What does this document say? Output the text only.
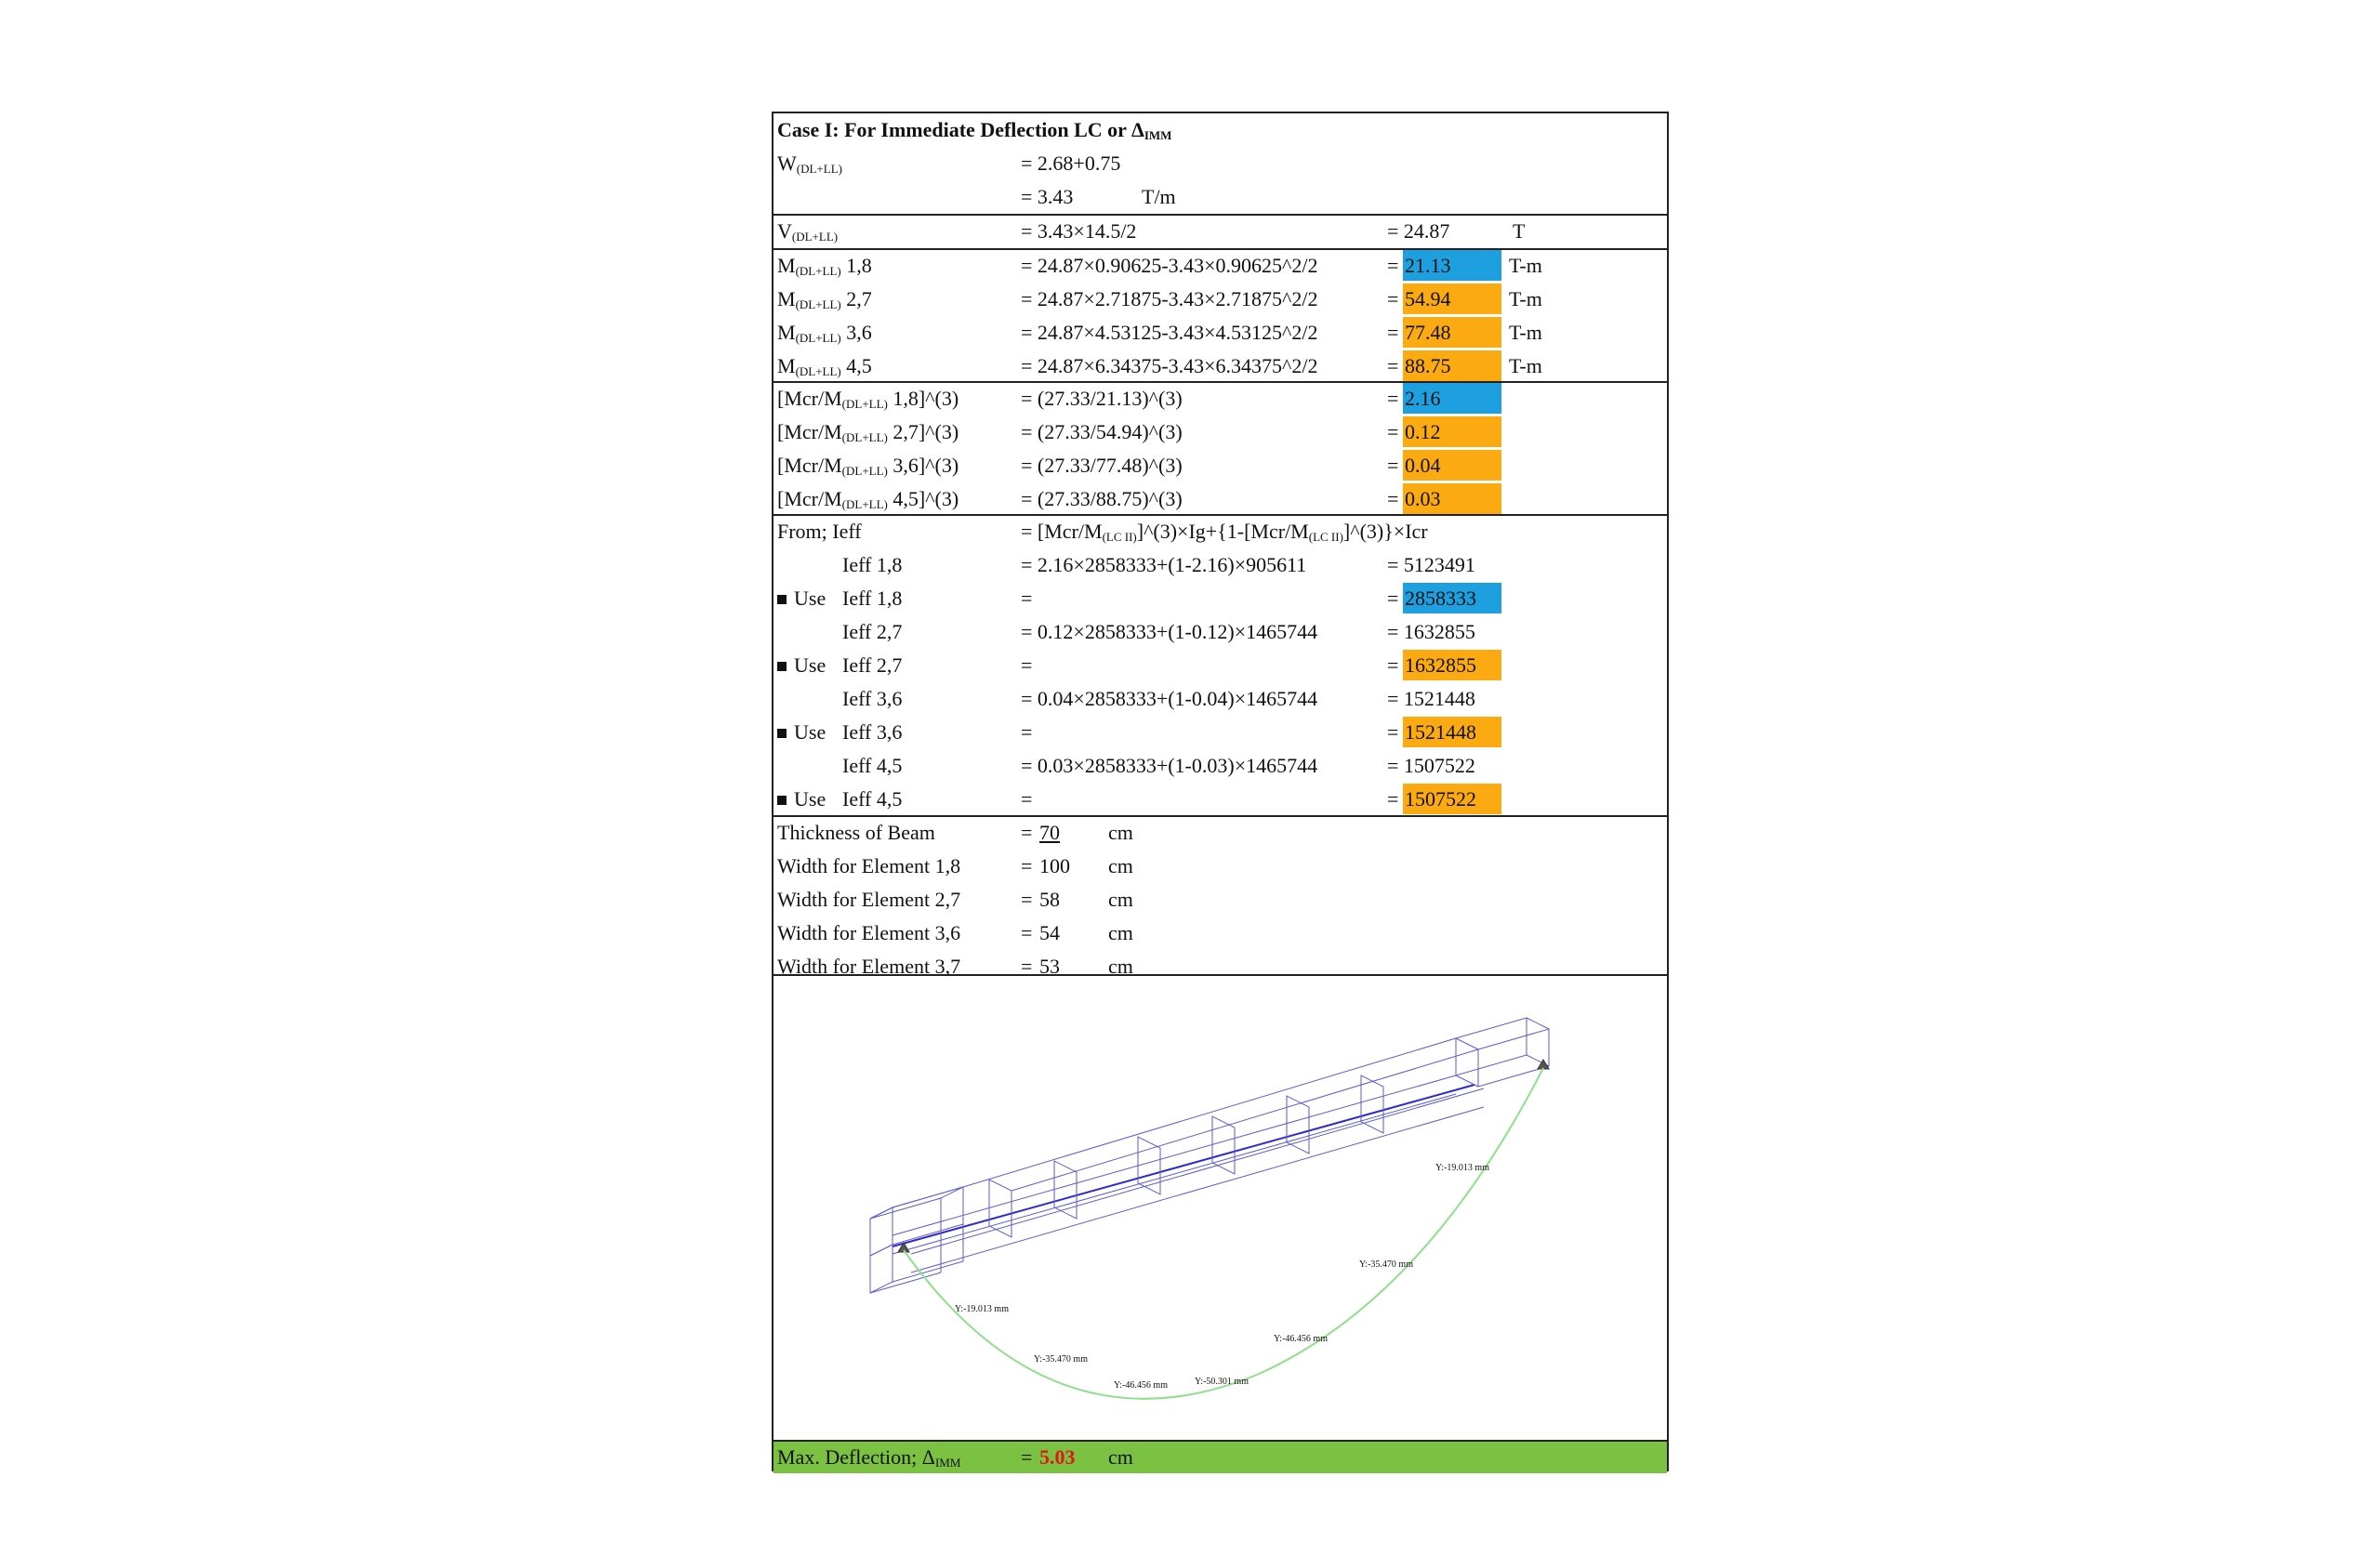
Case I: For Immediate Deflection LC or $\Delta_{IMM}$
$W_{(DL+LL)}$	= 2.68+0.75
= 3.43	T/m
$V_{(DL+LL)}$	= 3.43×14.5/2	= 24.87	T
$M_{(DL+LL)}$ 1,8	= 24.87×0.90625-3.43×0.90625^2/2	= 21.13	T-m
$M_{(DL+LL)}$ 2,7	= 24.87×2.71875-3.43×2.71875^2/2	= 54.94	T-m
$M_{(DL+LL)}$ 3,6	= 24.87×4.53125-3.43×4.53125^2/2	= 77.48	T-m
$M_{(DL+LL)}$ 4,5	= 24.87×6.34375-3.43×6.34375^2/2	= 88.75	T-m
[$Mcr/M_{(DL+LL)}$ 1,8]^(3)	= (27.33/21.13)^(3)	= 2.16
[$Mcr/M_{(DL+LL)}$ 2,7]^(3)	= (27.33/54.94)^(3)	= 0.12
[$Mcr/M_{(DL+LL)}$ 3,6]^(3)	= (27.33/77.48)^(3)	= 0.04
[$Mcr/M_{(DL+LL)}$ 4,5]^(3)	= (27.33/88.75)^(3)	= 0.03
From; Ieff	= $[Mcr/M_{(LC II)}]\^{}(3)\times Ig+\{1-[Mcr/M_{(LC II)}]\^{}(3)\}\times Icr$
Ieff 1,8	= 2.16×2858333+(1-2.16)×905611	= 5123491
Use Ieff 1,8	=	= 2858333
Ieff 2,7	= 0.12×2858333+(1-0.12)×1465744	= 1632855
Use Ieff 2,7	=	= 1632855
Ieff 3,6	= 0.04×2858333+(1-0.04)×1465744	= 1521448
Use Ieff 3,6	=	= 1521448
Ieff 4,5	= 0.03×2858333+(1-0.03)×1465744	= 1507522
Use Ieff 4,5	=	= 1507522
Thickness of Beam	= 70 cm
Width for Element 1,8	= 100 cm
Width for Element 2,7	= 58 cm
Width for Element 3,6	= 54 cm
Width for Element 3,7	= 53 cm
Y:-19.013 mm
Y:-35.470 mm
Y:-46.456 mm	Y:-50.301 mm
Y:-46.456 mm
Y:-35.470 mm
Y:-19.013 mm
Max. Deflection; $\Delta_{IMM}$	= 5.03 cm
